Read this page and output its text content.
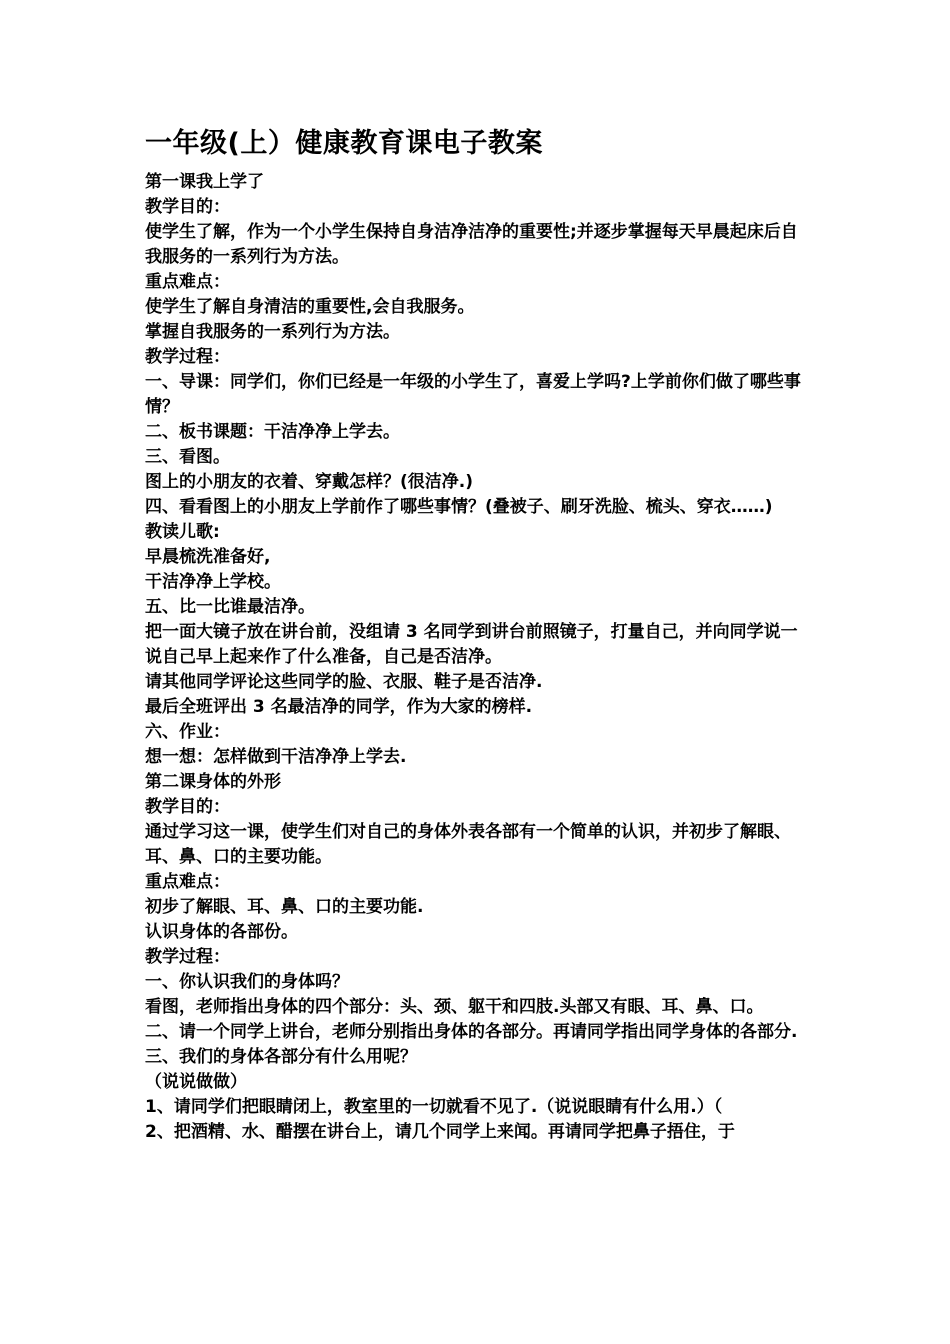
一年级(上）健康教育课电子教案
第一课我上学了
教学目的：
使学生了解，作为一个小学生保持自身洁净洁净的重要性;并逐步掌握每天早晨起床后自我服务的一系列行为方法。
重点难点：
使学生了解自身清洁的重要性,会自我服务。
掌握自我服务的一系列行为方法。
教学过程：
一、导课：同学们，你们已经是一年级的小学生了，喜爱上学吗?上学前你们做了哪些事情？
二、板书课题：干洁净净上学去。
三、看图。
图上的小朋友的衣着、穿戴怎样？(很洁净.)
四、看看图上的小朋友上学前作了哪些事情？(叠被子、刷牙洗脸、梳头、穿衣……)
教读儿歌:
早晨梳洗准备好,
干洁净净上学校。
五、比一比谁最洁净。
把一面大镜子放在讲台前，没组请 3 名同学到讲台前照镜子，打量自己，并向同学说一说自己早上起来作了什么准备，自己是否洁净。
请其他同学评论这些同学的脸、衣服、鞋子是否洁净.
最后全班评出 3 名最洁净的同学，作为大家的榜样.
六、作业：
想一想：怎样做到干洁净净上学去.
第二课身体的外形
教学目的：
通过学习这一课，使学生们对自己的身体外表各部有一个简单的认识，并初步了解眼、耳、鼻、口的主要功能。
重点难点：
初步了解眼、耳、鼻、口的主要功能.
认识身体的各部份。
教学过程：
一、你认识我们的身体吗？
看图，老师指出身体的四个部分：头、颈、躯干和四肢.头部又有眼、耳、鼻、口。
二、请一个同学上讲台，老师分别指出身体的各部分。再请同学指出同学身体的各部分.
三、我们的身体各部分有什么用呢？
（说说做做）
1、请同学们把眼睛闭上，教室里的一切就看不见了.（说说眼睛有什么用.）（
2、把酒精、水、醋摆在讲台上，请几个同学上来闻。再请同学把鼻子捂住，于
